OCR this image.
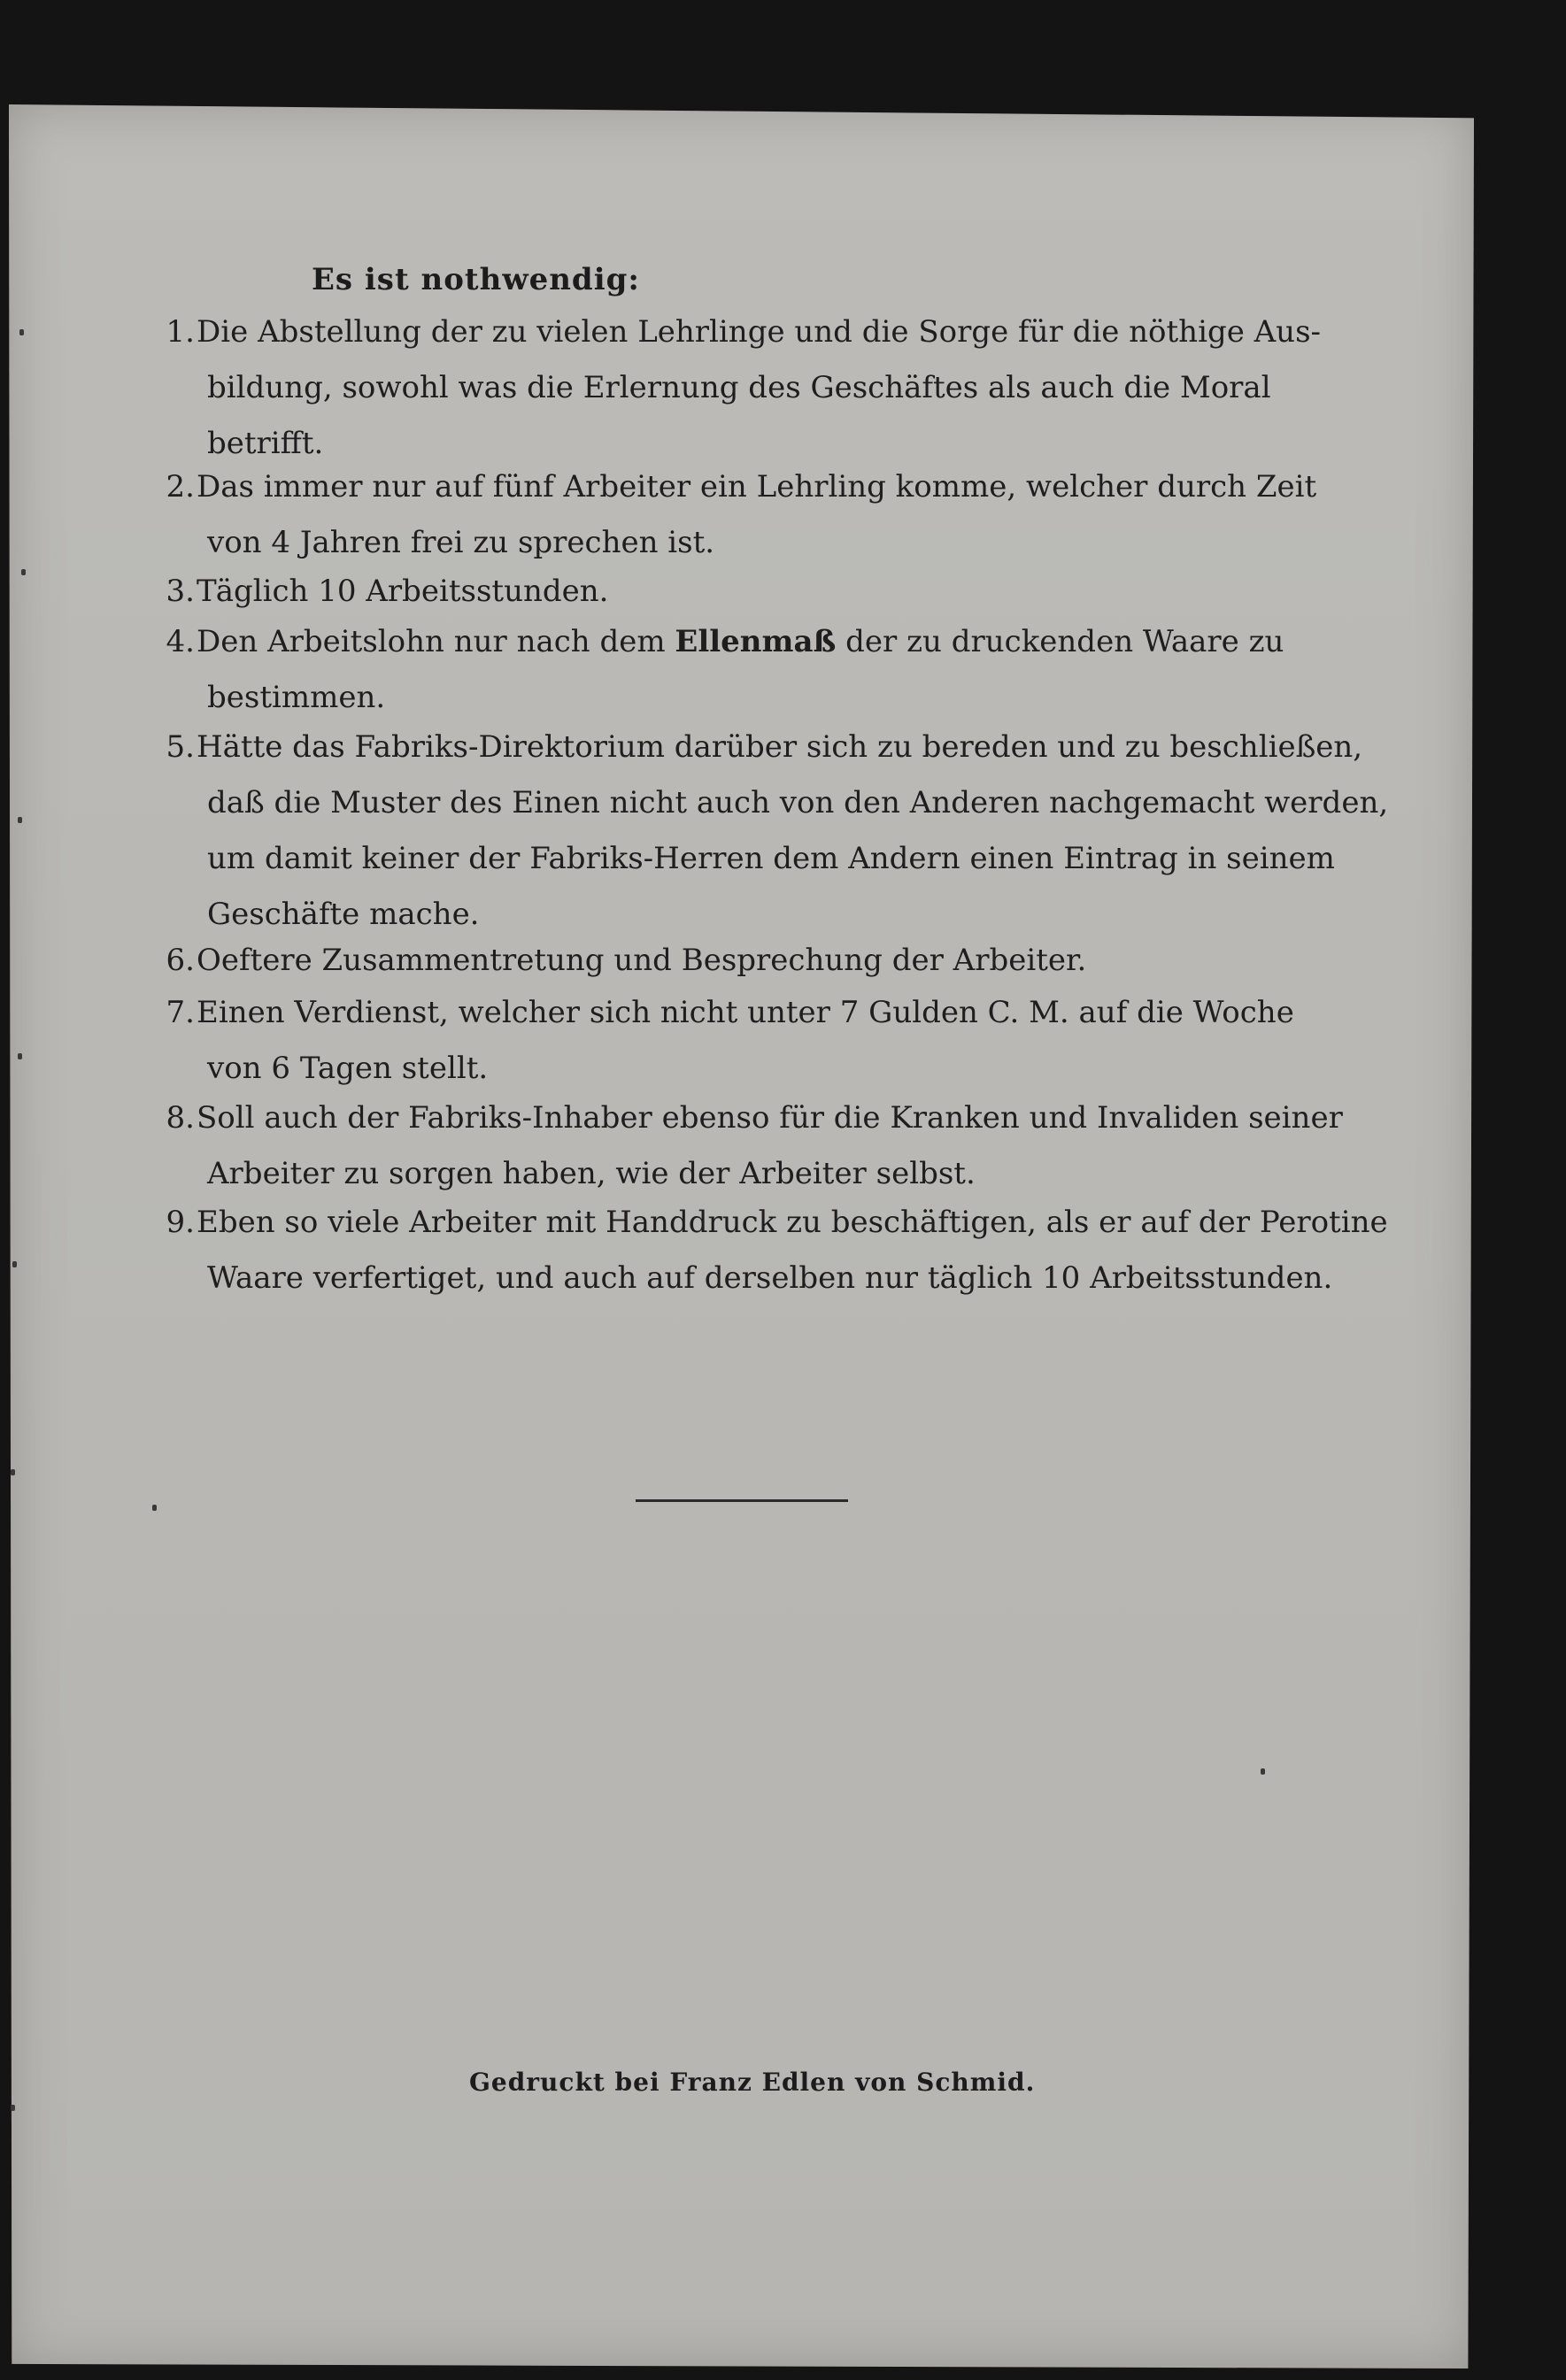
Es ist nothwendig:
1. Die Abstellung der zu vielen Lehrlinge und die Sorge für die nöthige Aus-
bildung, sowohl was die Erlernung des Geschäftes als auch die Moral
betrifft.
2. Das immer nur auf fünf Arbeiter ein Lehrling komme, welcher durch Zeit
von 4 Jahren frei zu sprechen ist.
3. Täglich 10 Arbeitsstunden.
4. Den Arbeitslohn nur nach dem Ellenmaß der zu druckenden Waare zu
bestimmen.
5. Hätte das Fabriks-Direktorium darüber sich zu bereden und zu beschließen,
daß die Muster des Einen nicht auch von den Anderen nachgemacht werden,
um damit keiner der Fabriks-Herren dem Andern einen Eintrag in seinem
Geschäfte mache.
6. Oeftere Zusammentretung und Besprechung der Arbeiter.
7. Einen Verdienst, welcher sich nicht unter 7 Gulden C. M. auf die Woche
von 6 Tagen stellt.
8. Soll auch der Fabriks-Inhaber ebenso für die Kranken und Invaliden seiner
Arbeiter zu sorgen haben, wie der Arbeiter selbst.
9. Eben so viele Arbeiter mit Handdruck zu beschäftigen, als er auf der Perotine
Waare verfertiget, und auch auf derselben nur täglich 10 Arbeitsstunden.
Gedruckt bei Franz Edlen von Schmid.
